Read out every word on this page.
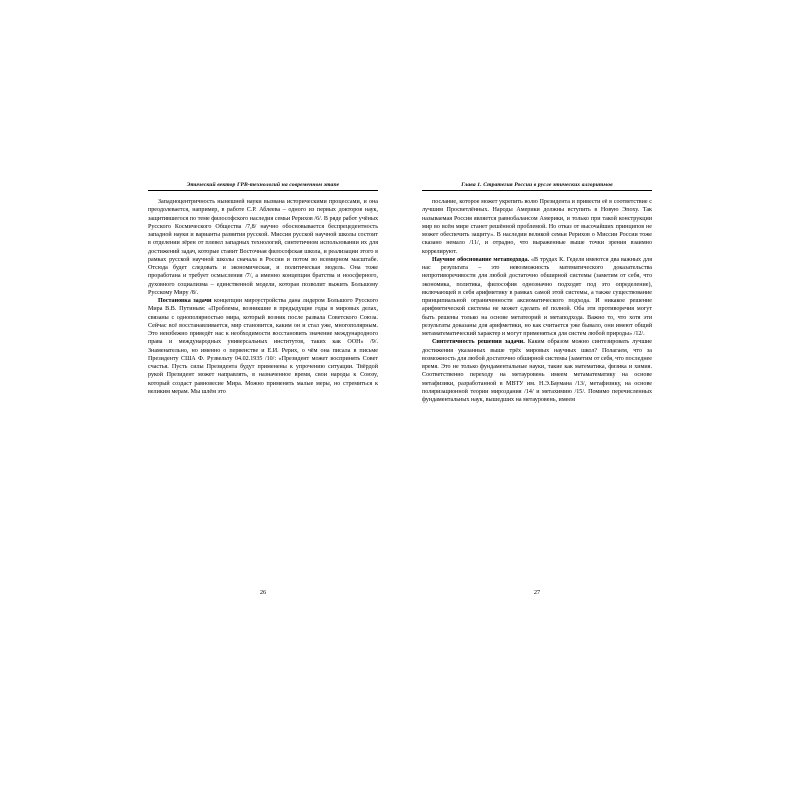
Этический вектор ГРВ-технологий на современном этапе

Западноцентричность нынешней науки вызвана историческими процессами, и она преодолевается, например, в работе С.Р. Аблеева – одного из первых докторов наук, защитившегося по теме философского наследия семьи Рерихов /6/. В ряде работ учёных Русского Космического Общества /7,8/ научно обосновывается беспрецедентность западной науки и варианты развития русской. Миссия русской научной школы состоит в отделении зёрен от плевел западных технологий, синтетичном использовании их для достижений задач, которые ставит Восточная философская школа, и реализации этого в рамках русской научной школы сначала в России и потом во всемирном масштабе. Отсюда будет следовать и экономическая, и политическая модель. Она тоже проработана и требует осмысления /7/, а именно концепция братства и ноосферного, духовного социализма – единственной модели, которая позволит выжить Большому Русскому Миру /8/.

Постановка задачи концепции мироустройства дана лидером Большого Русского Мира В.В. Путиным: «Проблемы, возникшие в предыдущие годы в мировых делах, связаны с однополярностью мира, который возник после развала Советского Союза. Сейчас всё восстанавливается, мир становится, каким он и стал уже, многополярным. Это неизбежно приведёт нас к необходимости восстановить значение международного права и международных универсальных институтов, таких как ООН» /9/. Знаменательно, но именно о первенстве и Е.И. Рерих, о чём она писала в письме Президенту США Ф. Рузвельту 04.02.1935 /10/: «Президент может воспринять Совет счастья. Пусть силы Президента будут применены к упрочению ситуации. Твёрдой рукой Президент может направлять, в назначенное время, свои народы к Союзу, который создаст равновесие Мира. Можно применять малые меры, но стремиться к великим мерам. Мы шлём это

26
Глава 1. Стратегия России в русле этических алгоритмов

послание, которое может укрепить волю Президента и привести её в соответствие с лучшим Просветлённых. Народы Америки должны вступить в Новую Эпоху. Так называемая Россия является равнобалансом Америки, и только при такой конструкции мир во всём мире станет решённой проблемой. Но отказ от высочайших принципов не может обеспечить защиту». В наследии великой семьи Рерихов о Миссии России тоже сказано немало /11/, и отрадно, что выраженные выше точки зрения взаимно коррелируют.

Научное обоснование метаподхода. «В трудах К. Геделя имеются два важных для нас результата – это невозможность математического доказательства непротиворечивости для любой достаточно обширной системы (заметим от себя, что экономика, политика, философия однозначно подходят под это определение), включающей в себя арифметику в рамках самой этой системы, а также существование принципиальной ограниченности аксиоматического подхода. И никакое решение арифметической системы не может сделать её полной. Оба эти противоречия могут быть решены только на основе метатеорий и метаподхода. Важно то, что хотя эти результаты доказаны для арифметики, но как считается уже бывало, они имеют общий метаматематический характер и могут применяться для систем любой природы» /12/.

Синтетичность решения задачи. Каким образом можно синтезировать лучшие достижения указанных выше трёх мировых научных школ? Полагаем, что за возможность для любой достаточно обширной системы (заметим от себя, что последнее время. Это не только фундаментальные науки, такие как математика, физика и химия. Соответственно переходу на метауровень имеем метаматематику на основе метафизики, разработанной в МВТУ им. Н.Э.Баумана /13/, метафизику, на основе поляризационной теории мироздания /14/ и метахимию /15/. Помимо перечисленных фундаментальных наук, вышедших на метауровень, имеем

27
